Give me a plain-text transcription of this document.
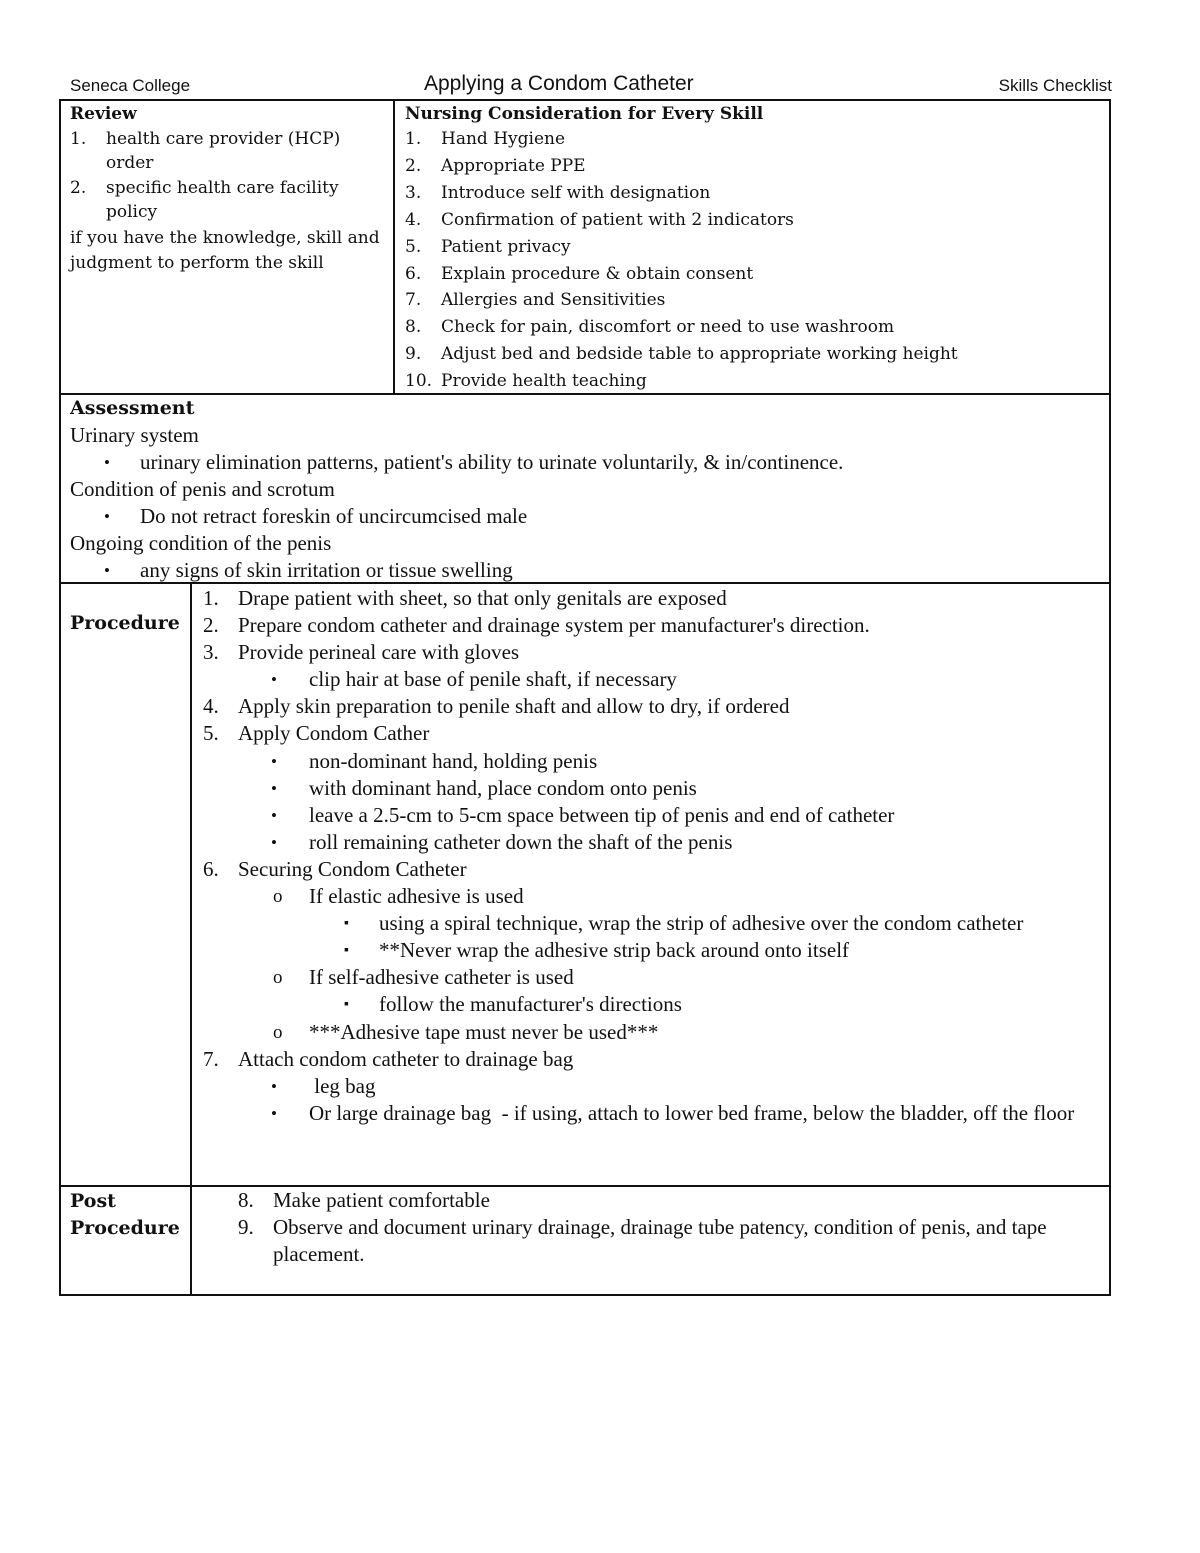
Seneca College	Applying a Condom Catheter	Skills Checklist
Review
1. health care provider (HCP) order
2. specific health care facility policy
if you have the knowledge, skill and judgment to perform the skill
Nursing Consideration for Every Skill
1. Hand Hygiene
2. Appropriate PPE
3. Introduce self with designation
4. Confirmation of patient with 2 indicators
5. Patient privacy
6. Explain procedure & obtain consent
7. Allergies and Sensitivities
8. Check for pain, discomfort or need to use washroom
9. Adjust bed and bedside table to appropriate working height
10. Provide health teaching
Assessment
Urinary system
• urinary elimination patterns, patient's ability to urinate voluntarily, & in/continence.
Condition of penis and scrotum
• Do not retract foreskin of uncircumcised male
Ongoing condition of the penis
• any signs of skin irritation or tissue swelling
Procedure
1. Drape patient with sheet, so that only genitals are exposed
2. Prepare condom catheter and drainage system per manufacturer's direction.
3. Provide perineal care with gloves
• clip hair at base of penile shaft, if necessary
4. Apply skin preparation to penile shaft and allow to dry, if ordered
5. Apply Condom Cather
• non-dominant hand, holding penis
• with dominant hand, place condom onto penis
• leave a 2.5-cm to 5-cm space between tip of penis and end of catheter
• roll remaining catheter down the shaft of the penis
6. Securing Condom Catheter
o If elastic adhesive is used
▪ using a spiral technique, wrap the strip of adhesive over the condom catheter
▪ **Never wrap the adhesive strip back around onto itself
o If self-adhesive catheter is used
▪ follow the manufacturer's directions
o ***Adhesive tape must never be used***
7. Attach condom catheter to drainage bag
• leg bag
• Or large drainage bag  - if using, attach to lower bed frame, below the bladder, off the floor
Post
Procedure
8. Make patient comfortable
9. Observe and document urinary drainage, drainage tube patency, condition of penis, and tape placement.
